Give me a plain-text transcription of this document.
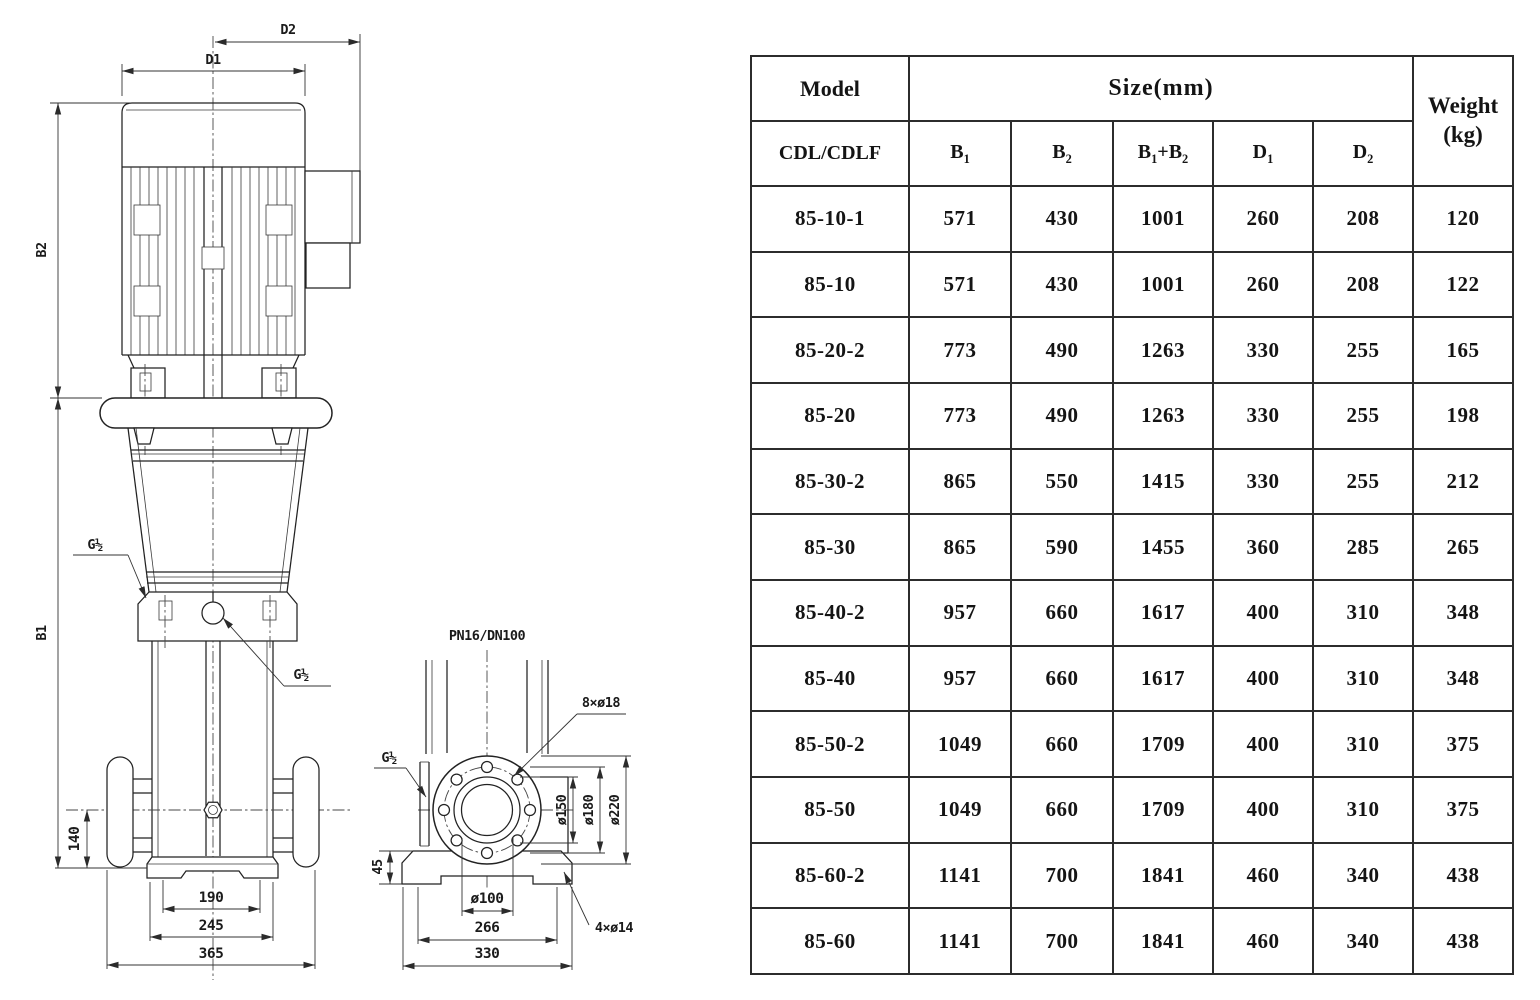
D2
D1
B2
B1
G½
G½
140
190
245
365
PN16/DN100
8×ø18
G½
4×ø14
ø150 ø180 ø220
45
ø100
266
330
Model	Size(mm)					Weight
(kg)

CDL/CDLF	$B_1$	$B_2$	$B_1+B_2$	$D_1$	$D_2$
85-10-1	571	430	1001	260	208	120
85-10	571	430	1001	260	208	122
85-20-2	773	490	1263	330	255	165
85-20	773	490	1263	330	255	198
85-30-2	865	550	1415	330	255	212
85-30	865	590	1455	360	285	265
85-40-2	957	660	1617	400	310	348
85-40	957	660	1617	400	310	348
85-50-2	1049	660	1709	400	310	375
85-50	1049	660	1709	400	310	375
85-60-2	1141	700	1841	460	340	438
85-60	1141	700	1841	460	340	438
